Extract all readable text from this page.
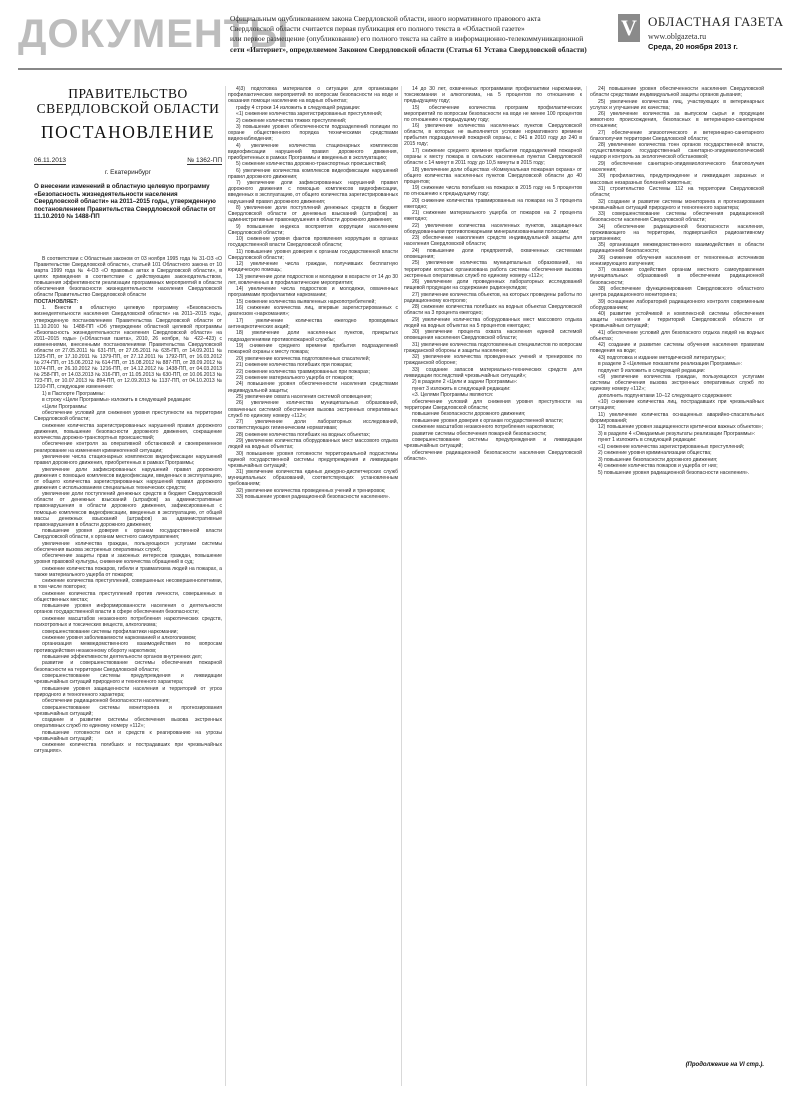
ДОКУМЕНТЫ
Официальным опубликованием закона Свердловской области, иного нормативного правового акта
Свердловской области считается первая публикация его полного текста в «Областной газете»
или первое размещение (опубликование) его полного текста на сайте в информационно-телекоммуникационной
сети «Интернет», определяемом Законом Свердловской области (Статья 61 Устава Свердловской области)
V ОБЛАСТНАЯ ГАЗЕТА
www.oblgazeta.ru
Среда, 20 ноября 2013 г.
ПРАВИТЕЛЬСТВО
СВЕРДЛОВСКОЙ ОБЛАСТИ
ПОСТАНОВЛЕНИЕ
06.11.2013	№ 1362-ПП
г. Екатеринбург
О внесении изменений в областную целевую программу «Безопасность жизнедеятельности населения Свердловской области» на 2011–2015 годы, утвержденную постановлением Правительства Свердловской области от 11.10.2010 № 1488-ПП

В соответствии с Областным законом от 03 ноября 1995 года № 31-ОЗ «О Правительстве Свердловской области», статьей 101 Областного закона от 10 марта 1999 года № 4-ОЗ «О правовых актах в Свердловской области», в целях приведения в соответствие с действующим законодательством, повышения эффективности реализации программных мероприятий в области обеспечения безопасности жизнедеятельности населения Свердловской области Правительство Свердловской области

ПОСТАНОВЛЯЕТ:

1. Внести в областную целевую программу «Безопасность жизнедеятельности населения Свердловской области» на 2011–2015 годы, утвержденную постановлением Правительства Свердловской области от 11.10.2010 № 1488-ПП «Об утверждении областной целевой программы «Безопасность жизнедеятельности населения Свердловской области» на 2011–2015 годы» («Областная газета», 2010, 26 ноября, № 422–423) с изменениями, внесенными постановлениями Правительства Свердловской области от 27.05.2011 № 631-ПП, от 27.05.2011 № 635-ПП, от 14.09.2011 № 1225-ПП, от 17.10.2011 № 1379-ПП, от 27.12.2011 № 1792-ПП, от 16.03.2012 № 274-ПП, от 15.06.2012 № 614-ПП, от 15.08.2012 № 887-ПП, от 28.09.2012 № 1074-ПП, от 26.10.2012 № 1216-ПП, от 14.12.2012 № 1438-ПП, от 04.03.2013 № 258-ПП, от 14.03.2013 № 316-ПП, от 11.05.2013 № 630-ПП, от 10.06.2013 № 723-ПП, от 10.07.2013 № 894-ПП, от 12.09.2013 № 1137-ПП, от 04.10.2013 № 1210-ПП, следующие изменения:

1) в Паспорте Программы:

в строку «Цели Программы» изложить в следующей редакции:

«Цели Программы:

обеспечение условий для снижения уровня преступности на территории Свердловской области;

снижение количества зарегистрированных нарушений правил дорожного движения, повышение безопасности дорожного движения, сокращение количества дорожно-транспортных происшествий;

обеспечение контроля за оперативной обстановкой и своевременное реагирование на изменения криминогенной ситуации;

увеличение числа стационарных комплексов видеофиксации нарушений правил дорожного движения, приобретенных в рамках Программы;

увеличение доли зафиксированных нарушений правил дорожного движения с помощью комплексов видеофиксации, введенных в эксплуатацию, от общего количества зарегистрированных нарушений правил дорожного движения с использованием специальных технических средств;

увеличение доли поступлений денежных средств в бюджет Свердловской области от денежных взысканий (штрафов) за административные правонарушения в области дорожного движения, зафиксированных с помощью комплексов видеофиксации, введенных в эксплуатацию, от общей массы денежных взысканий (штрафов) за административные правонарушения в области дорожного движения;

повышение уровня доверия к органам государственной власти Свердловской области, к органам местного самоуправления;

увеличение количества граждан, пользующихся услугами системы обеспечения вызова экстренных оперативных служб;

обеспечение защиты прав и законных интересов граждан, повышение уровня правовой культуры, снижение количества обращений в суд;

снижение количества пожаров, гибели и травматизма людей на пожарах, а также материального ущерба от пожаров;

снижение количества преступлений, совершенных несовершеннолетними, в том числе повторно;

снижение количества преступлений против личности, совершенных в общественных местах;

повышение уровня информированности населения о деятельности органов государственной власти в сфере обеспечения безопасности;

снижение масштабов незаконного потребления наркотических средств, психотропных и токсических веществ, алкоголизма;

совершенствование системы профилактики наркомании;

снижение уровня заболеваемости наркоманией и алкоголизмом;

организация межведомственного взаимодействия по вопросам противодействия незаконному обороту наркотиков;

повышение эффективности деятельности органов внутренних дел;

развитие и совершенствование системы обеспечения пожарной безопасности на территории Свердловской области;

совершенствование системы предупреждения и ликвидации чрезвычайных ситуаций природного и техногенного характера;

повышение уровня защищенности населения и территорий от угроз природного и техногенного характера;

обеспечение радиационной безопасности населения;

совершенствование системы мониторинга и прогнозирования чрезвычайных ситуаций;

создание и развитие системы обеспечения вызова экстренных оперативных служб по единому номеру «112»;

повышение готовности сил и средств к реагированию на угрозы чрезвычайных ситуаций;

снижение количества погибших и пострадавших при чрезвычайных ситуациях».

4)3) подготовка материалов о ситуации для организации профилактических мероприятий по вопросам безопасности на воде и оказания помощи населению на водных объектах;

графу 4 строки 14 изложить в следующей редакции:

«1) снижение количества зарегистрированных преступлений;

2) снижение количества тяжких преступлений;

3) повышение уровня обеспеченности подразделений полиции по охране общественного порядка техническими средствами видеонаблюдения;

4) увеличение количества стационарных комплексов видеофиксации нарушений правил дорожного движения, приобретенных в рамках Программы и введенных в эксплуатацию;

5) снижение количества дорожно-транспортных происшествий;

6) увеличение количества комплексов видеофиксации нарушений правил дорожного движения;

7) увеличение доли зафиксированных нарушений правил дорожного движения с помощью комплексов видеофиксации, введенных в эксплуатацию, от общего количества зарегистрированных нарушений правил дорожного движения;

8) увеличение доли поступлений денежных средств в бюджет Свердловской области от денежных взысканий (штрафов) за административные правонарушения в области дорожного движения;

9) повышение индекса восприятия коррупции населением Свердловской области;

10) снижение уровня фактов проявления коррупции в органах государственной власти Свердловской области;

11) повышение уровня доверия к органам государственной власти Свердловской области;

12) увеличение числа граждан, получивших бесплатную юридическую помощь;

13) увеличение доли подростков и молодежи в возрасте от 14 до 30 лет, вовлеченных в профилактические мероприятия;

14) увеличение числа подростков и молодежи, охваченных программами профилактики наркомании;

15) снижение количества выявленных наркопотребителей;

16) снижение количества лиц, впервые зарегистрированных с диагнозом «наркомания»;

17) увеличение количества ежегодно проводимых антинаркотических акций;

18) увеличение доли населенных пунктов, прикрытых подразделениями противопожарной службы;

19) снижение среднего времени прибытия подразделений пожарной охраны к месту пожара;

20) увеличение количества подготовленных спасателей;

21) снижение количества погибших при пожарах;

22) снижение количества травмированных при пожарах;

23) снижение материального ущерба от пожаров;

24) повышение уровня обеспеченности населения средствами индивидуальной защиты;

25) увеличение охвата населения системой оповещения;

26) увеличение количества муниципальных образований, охваченных системой обеспечения вызова экстренных оперативных служб по единому номеру «112»;

27) увеличение доли лабораторных исследований, соответствующих гигиеническим нормативам;

28) снижение количества погибших на водных объектах;

29) увеличение количества оборудованных мест массового отдыха людей на водных объектах;

30) повышение уровня готовности территориальной подсистемы единой государственной системы предупреждения и ликвидации чрезвычайных ситуаций;

31) увеличение количества единых дежурно-диспетчерских служб муниципальных образований, соответствующих установленным требованиям;

32) увеличение количества проведенных учений и тренировок;

33) повышение уровня радиационной безопасности населения».

14 до 30 лет, охваченных программами профилактики наркомании, токсикомании и алкоголизма, на 5 процентов по отношению к предыдущему году;

15) обеспечение количества программ профилактических мероприятий по вопросам безопасности на воде не менее 100 процентов по отношению к предыдущему году;

16) увеличение количества населенных пунктов Свердловской области, в которых не выполняется условие нормативного времени прибытия подразделений пожарной охраны, с 841 в 2010 году до 240 в 2015 году;

17) снижение среднего времени прибытия подразделений пожарной охраны к месту пожара в сельских населенных пунктах Свердловской области с 14 минут в 2011 году до 10,5 минуты в 2015 году;

18) увеличение доли обществах «Коммунальная пожарная охрана» от общего количества населенных пунктов Свердловской области до 40 процентов;

19) снижение числа погибших на пожарах в 2015 году на 5 процентов по отношению к предыдущему году;

20) снижение количества травмированных на пожарах на 3 процента ежегодно;

21) снижение материального ущерба от пожаров на 2 процента ежегодно;

22) увеличение количества населенных пунктов, защищенных оборудованными противопожарными минерализованными полосами;

23) обеспечение накопления средств индивидуальной защиты для населения Свердловской области;

24) повышение доли предприятий, охваченных системами оповещения;

25) увеличение количества муниципальных образований, на территории которых организована работа системы обеспечения вызова экстренных оперативных служб по единому номеру «112»;

26) увеличение доли проведенных лабораторных исследований пищевой продукции на содержание радионуклидов;

27) увеличение количества объектов, на которых проведены работы по радиационному контролю;

28) снижение количества погибших на водных объектах Свердловской области на 3 процента ежегодно;

29) увеличение количества оборудованных мест массового отдыха людей на водных объектах на 5 процентов ежегодно;

30) увеличение процента охвата населения единой системой оповещения населения Свердловской области;

31) увеличение количества подготовленных специалистов по вопросам гражданской обороны и защиты населения;

32) увеличение количества проведенных учений и тренировок по гражданской обороне;

33) создание запасов материально-технических средств для ликвидации последствий чрезвычайных ситуаций»;

2) в разделе 2 «Цели и задачи Программы»:

пункт 3 изложить в следующей редакции:

«3. Целями Программы являются:

обеспечение условий для снижения уровня преступности на территории Свердловской области;

повышение безопасности дорожного движения;

повышение уровня доверия к органам государственной власти;

снижение масштабов незаконного потребления наркотиков;

развитие системы обеспечения пожарной безопасности;

совершенствование системы предупреждения и ликвидации чрезвычайных ситуаций;

обеспечение радиационной безопасности населения Свердловской области».

24) повышение уровня обеспеченности населения Свердловской области средствами индивидуальной защиты органов дыхания;

25) увеличение количества лиц, участвующих в ветеринарных услугах и улучшение их качества;

26) увеличение количества за выпуском сырья и продукции животного происхождения, безопасных в ветеринарно-санитарном отношении;

27) обеспечение эпизоотического и ветеринарно-санитарного благополучия территории Свердловской области;

28) увеличение количества тонн органов государственной власти, осуществляющих государственный санитарно-эпидемиологический надзор и контроль за экологической обстановкой;

29) обеспечение санитарно-эпидемиологического благополучия населения;

30) профилактика, предупреждение и ликвидация заразных и массовых незаразных болезней животных;

31) строительство Системы 112 на территории Свердловской области;

32) создание и развитие системы мониторинга и прогнозирования чрезвычайных ситуаций природного и техногенного характера;

33) совершенствование системы обеспечения радиационной безопасности населения Свердловской области;

34) обеспечение радиационной безопасности населения, проживающего на территории, подвергшейся радиоактивному загрязнению;

35) организация межведомственного взаимодействия в области радиационной безопасности;

36) снижение облучения населения от техногенных источников ионизирующего излучения;

37) оказание содействия органам местного самоуправления муниципальных образований в обеспечении радиационной безопасности;

38) обеспечение функционирования Свердловского областного центра радиационного мониторинга;

39) оснащение лабораторий радиационного контроля современным оборудованием;

40) развитие устойчивой и комплексной системы обеспечения защиты населения и территорий Свердловской области от чрезвычайных ситуаций;

41) обеспечение условий для безопасного отдыха людей на водных объектах;

42) создание и развитие системы обучения населения правилам поведения на воде;

43) подготовка и издание методической литературы»;

в разделе 3 «Целевые показатели реализации Программы»:

подпункт 9 изложить в следующей редакции:

«9) увеличение количества граждан, пользующихся услугами системы обеспечения вызова экстренных оперативных служб по единому номеру «112»;

дополнить подпунктами 10–12 следующего содержания:

«10) снижение количества лиц, пострадавших при чрезвычайных ситуациях;

11) увеличение количества оснащенных аварийно-спасательных формирований;

12) повышение уровня защищенности критически важных объектов»;

3) в разделе 4 «Ожидаемые результаты реализации Программы»:

пункт 1 изложить в следующей редакции:

«1) снижение количества зарегистрированных преступлений;

2) снижение уровня криминализации общества;

3) повышение безопасности дорожного движения;

4) снижение количества пожаров и ущерба от них;

5) повышение уровня радиационной безопасности населения».

(Продолжение на VI стр.).
